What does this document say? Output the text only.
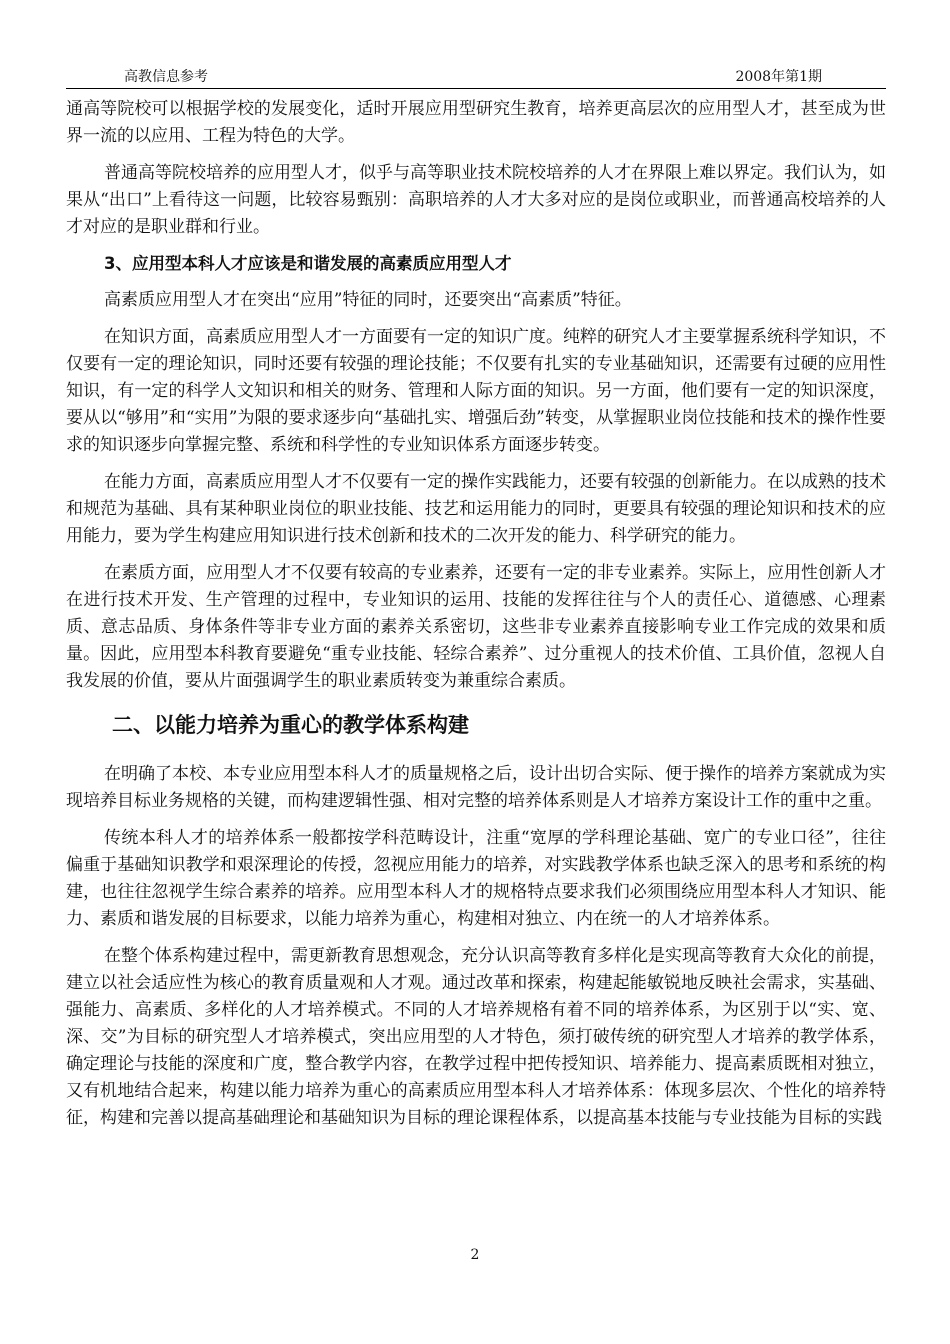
高教信息参考	2008年第1期

通高等院校可以根据学校的发展变化，适时开展应用型研究生教育，培养更高层次的应用型人才，甚至成为世界一流的以应用、工程为特色的大学。

普通高等院校培养的应用型人才，似乎与高等职业技术院校培养的人才在界限上难以界定。我们认为，如果从“出口”上看待这一问题，比较容易甄别：高职培养的人才大多对应的是岗位或职业，而普通高校培养的人才对应的是职业群和行业。

3、应用型本科人才应该是和谐发展的高素质应用型人才

高素质应用型人才在突出“应用”特征的同时，还要突出“高素质”特征。

在知识方面，高素质应用型人才一方面要有一定的知识广度。纯粹的研究人才主要掌握系统科学知识，不仅要有一定的理论知识，同时还要有较强的理论技能；不仅要有扎实的专业基础知识，还需要有过硬的应用性知识，有一定的科学人文知识和相关的财务、管理和人际方面的知识。另一方面，他们要有一定的知识深度，要从以“够用”和“实用”为限的要求逐步向“基础扎实、增强后劲”转变，从掌握职业岗位技能和技术的操作性要求的知识逐步向掌握完整、系统和科学性的专业知识体系方面逐步转变。

在能力方面，高素质应用型人才不仅要有一定的操作实践能力，还要有较强的创新能力。在以成熟的技术和规范为基础、具有某种职业岗位的职业技能、技艺和运用能力的同时，更要具有较强的理论知识和技术的应用能力，要为学生构建应用知识进行技术创新和技术的二次开发的能力、科学研究的能力。

在素质方面，应用型人才不仅要有较高的专业素养，还要有一定的非专业素养。实际上，应用性创新人才在进行技术开发、生产管理的过程中，专业知识的运用、技能的发挥往往与个人的责任心、道德感、心理素质、意志品质、身体条件等非专业方面的素养关系密切，这些非专业素养直接影响专业工作完成的效果和质量。因此，应用型本科教育要避免“重专业技能、轻综合素养”、过分重视人的技术价值、工具价值，忽视人自我发展的价值，要从片面强调学生的职业素质转变为兼重综合素质。

二、以能力培养为重心的教学体系构建

在明确了本校、本专业应用型本科人才的质量规格之后，设计出切合实际、便于操作的培养方案就成为实现培养目标业务规格的关键，而构建逻辑性强、相对完整的培养体系则是人才培养方案设计工作的重中之重。

传统本科人才的培养体系一般都按学科范畴设计，注重“宽厚的学科理论基础、宽广的专业口径”，往往偏重于基础知识教学和艰深理论的传授，忽视应用能力的培养，对实践教学体系也缺乏深入的思考和系统的构建，也往往忽视学生综合素养的培养。应用型本科人才的规格特点要求我们必须围绕应用型本科人才知识、能力、素质和谐发展的目标要求，以能力培养为重心，构建相对独立、内在统一的人才培养体系。

在整个体系构建过程中，需更新教育思想观念，充分认识高等教育多样化是实现高等教育大众化的前提，建立以社会适应性为核心的教育质量观和人才观。通过改革和探索，构建起能敏锐地反映社会需求，实基础、强能力、高素质、多样化的人才培养模式。不同的人才培养规格有着不同的培养体系，为区别于以“实、宽、深、交”为目标的研究型人才培养模式，突出应用型的人才特色，须打破传统的研究型人才培养的教学体系，确定理论与技能的深度和广度，整合教学内容，在教学过程中把传授知识、培养能力、提高素质既相对独立，又有机地结合起来，构建以能力培养为重心的高素质应用型本科人才培养体系：体现多层次、个性化的培养特征，构建和完善以提高基础理论和基础知识为目标的理论课程体系，以提高基本技能与专业技能为目标的实践

2
